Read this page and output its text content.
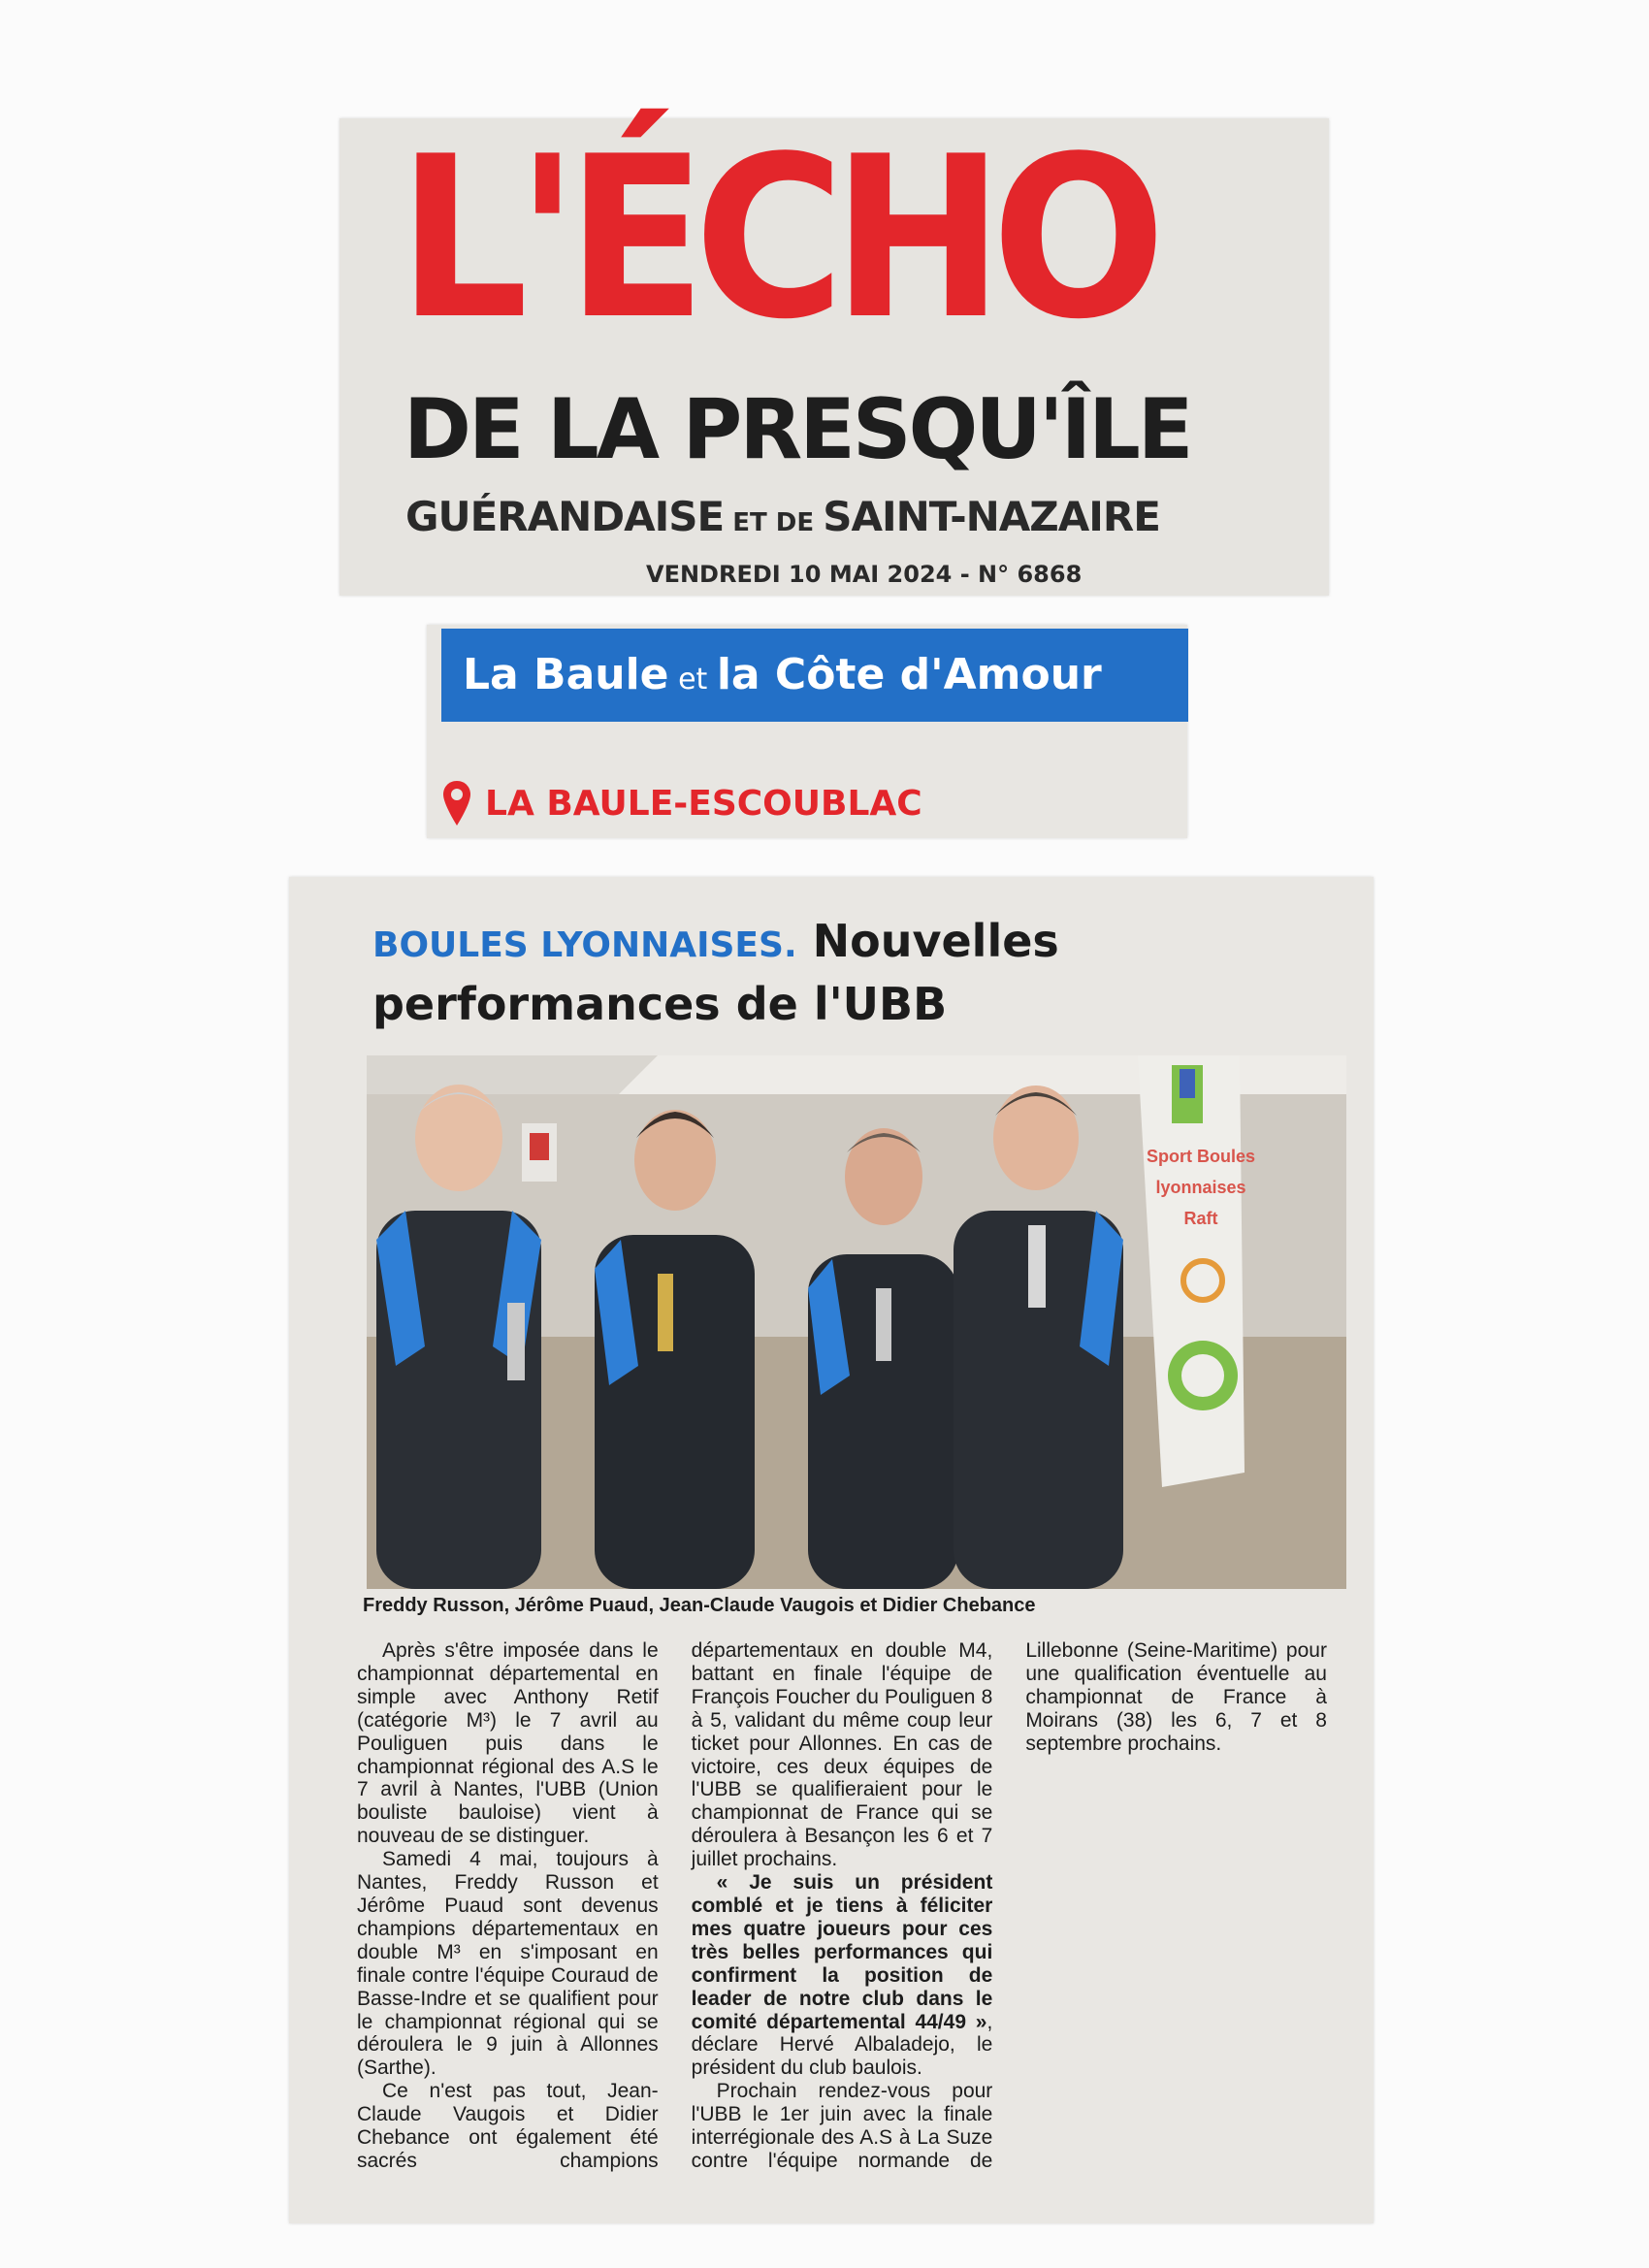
L'ÉCHO
DE LA PRESQU'ÎLE
GUÉRANDAISE ET DE SAINT-NAZAIRE
VENDREDI 10 MAI 2024 - N° 6868
La Baule et la Côte d'Amour
LA BAULE-ESCOUBLAC
BOULES LYONNAISES. Nouvelles performances de l'UBB
Sport Boules
lyonnaises
Raft
Freddy Russon, Jérôme Puaud, Jean-Claude Vaugois et Didier Chebance

Après s'être imposée dans le championnat départemental en simple avec Anthony Retif (catégorie M³) le 7 avril au Pouliguen puis dans le championnat régional des A.S le 7 avril à Nantes, l'UBB (Union bouliste bauloise) vient à nouveau de se distinguer.

Samedi 4 mai, toujours à Nantes, Freddy Russon et Jérôme Puaud sont devenus champions départementaux en double M³ en s'imposant en finale contre l'équipe Couraud de Basse-Indre et se qualifient pour le championnat régional qui se déroulera le 9 juin à Allonnes (Sarthe).

Ce n'est pas tout, Jean-Claude Vaugois et Didier Chebance ont également été sacrés champions départementaux en double M4, battant en finale l'équipe de François Foucher du Pouliguen 8 à 5, validant du même coup leur ticket pour Allonnes. En cas de victoire, ces deux équipes de l'UBB se qualifieraient pour le championnat de France qui se déroulera à Besançon les 6 et 7 juillet prochains.

« Je suis un président comblé et je tiens à féliciter mes quatre joueurs pour ces très belles performances qui confirment la position de leader de notre club dans le comité départemental 44/49 », déclare Hervé Albaladejo, le président du club baulois.

Prochain rendez-vous pour l'UBB le 1er juin avec la finale interrégionale des A.S à La Suze contre l'équipe normande de Lillebonne (Seine-Maritime) pour une qualification éventuelle au championnat de France à Moirans (38) les 6, 7 et 8 septembre prochains.
